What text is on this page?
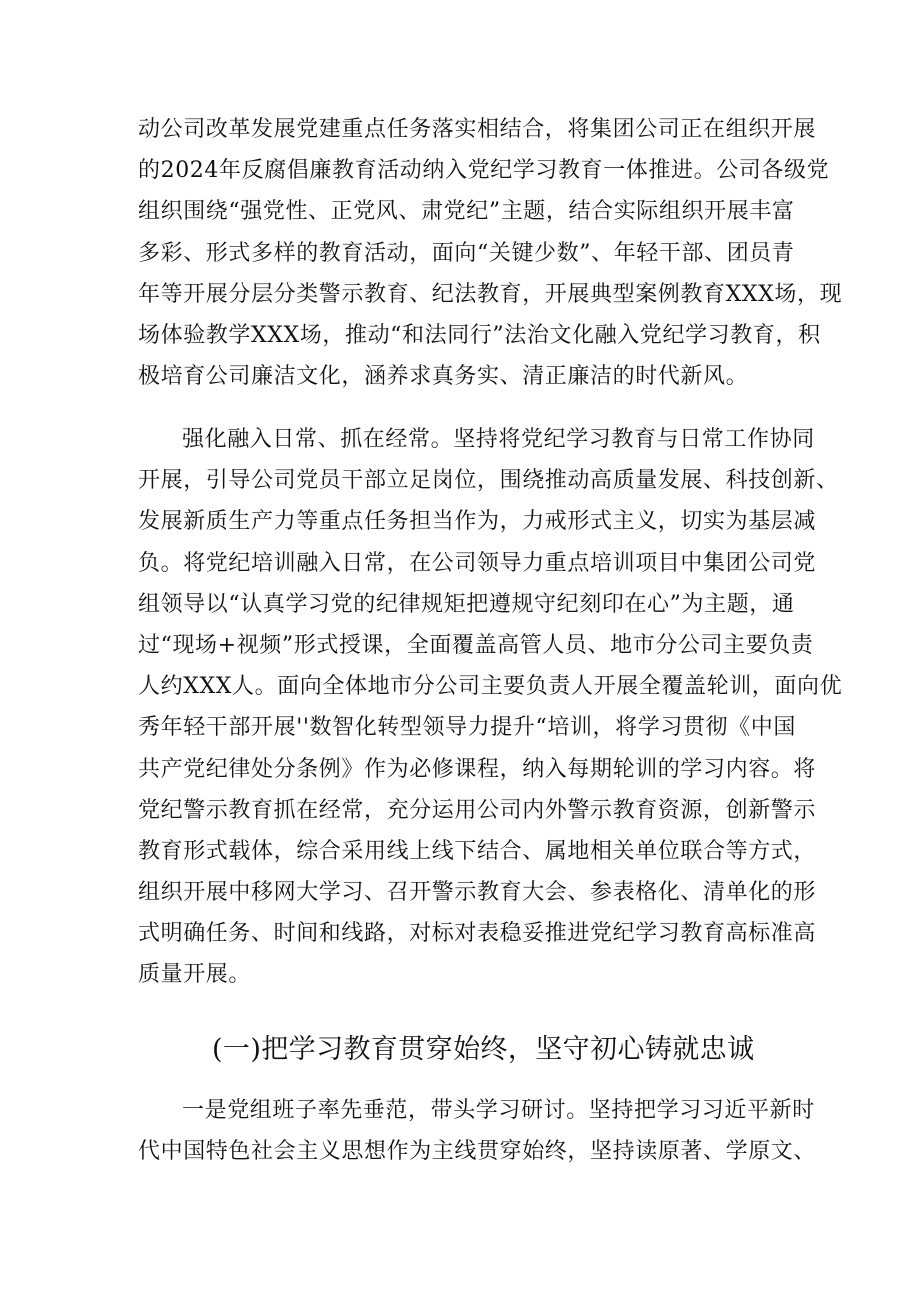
动公司改革发展党建重点任务落实相结合，将集团公司正在组织开展
的2024年反腐倡廉教育活动纳入党纪学习教育一体推进。公司各级党
组织围绕“强党性、正党风、肃党纪”主题，结合实际组织开展丰富
多彩、形式多样的教育活动，面向“关键少数”、年轻干部、团员青
年等开展分层分类警示教育、纪法教育，开展典型案例教育XXX场，现
场体验教学XXX场，推动“和法同行”法治文化融入党纪学习教育，积
极培育公司廉洁文化，涵养求真务实、清正廉洁的时代新风。
强化融入日常、抓在经常。坚持将党纪学习教育与日常工作协同
开展，引导公司党员干部立足岗位，围绕推动高质量发展、科技创新、
发展新质生产力等重点任务担当作为，力戒形式主义，切实为基层减
负。将党纪培训融入日常，在公司领导力重点培训项目中集团公司党
组领导以“认真学习党的纪律规矩把遵规守纪刻印在心”为主题，通
过“现场+视频”形式授课，全面覆盖高管人员、地市分公司主要负责
人约XXX人。面向全体地市分公司主要负责人开展全覆盖轮训，面向优
秀年轻干部开展''数智化转型领导力提升“培训，将学习贯彻《中国
共产党纪律处分条例》作为必修课程，纳入每期轮训的学习内容。将
党纪警示教育抓在经常，充分运用公司内外警示教育资源，创新警示
教育形式载体，综合采用线上线下结合、属地相关单位联合等方式，
组织开展中移网大学习、召开警示教育大会、参表格化、清单化的形
式明确任务、时间和线路，对标对表稳妥推进党纪学习教育高标准高
质量开展。
(一)把学习教育贯穿始终，坚守初心铸就忠诚
一是党组班子率先垂范，带头学习研讨。坚持把学习习近平新时
代中国特色社会主义思想作为主线贯穿始终，坚持读原著、学原文、
